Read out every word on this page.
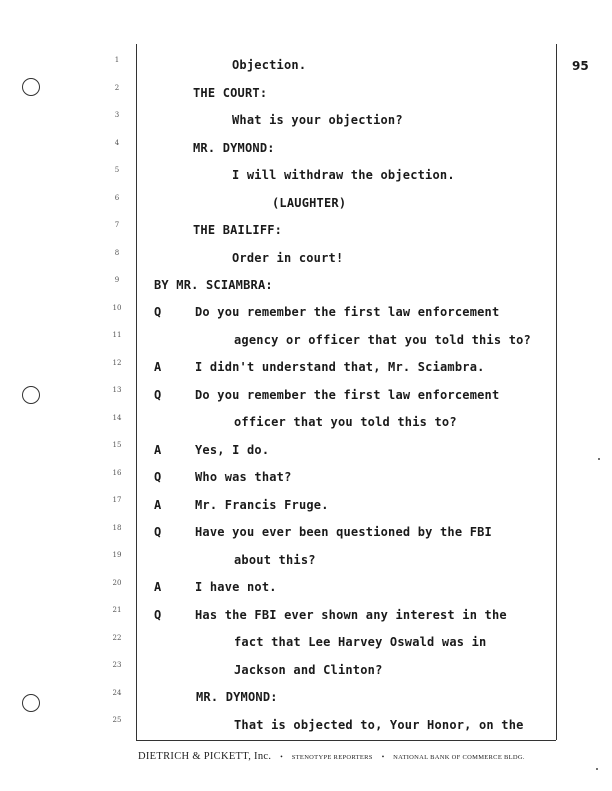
95
1
2
3
4
5
6
7
8
9
10
11
12
13
14
15
16
17
18
19
20
21
22
23
24
25
Q
A
Q
A
Q
A
Q
A
Q
Objection.
THE COURT:
What is your objection?
MR. DYMOND:
I will withdraw the objection.
(LAUGHTER)
THE BAILIFF:
Order in court!
BY MR. SCIAMBRA:
Do you remember the first law enforcement
agency or officer that you told this to?
I didn't understand that, Mr. Sciambra.
Do you remember the first law enforcement
officer that you told this to?
Yes, I do.
Who was that?
Mr. Francis Fruge.
Have you ever been questioned by the FBI
about this?
I have not.
Has the FBI ever shown any interest in the
fact that Lee Harvey Oswald was in
Jackson and Clinton?
MR. DYMOND:
That is objected to, Your Honor, on the
DIETRICH & PICKETT, Inc. • STENOTYPE REPORTERS • NATIONAL BANK OF COMMERCE BLDG.
